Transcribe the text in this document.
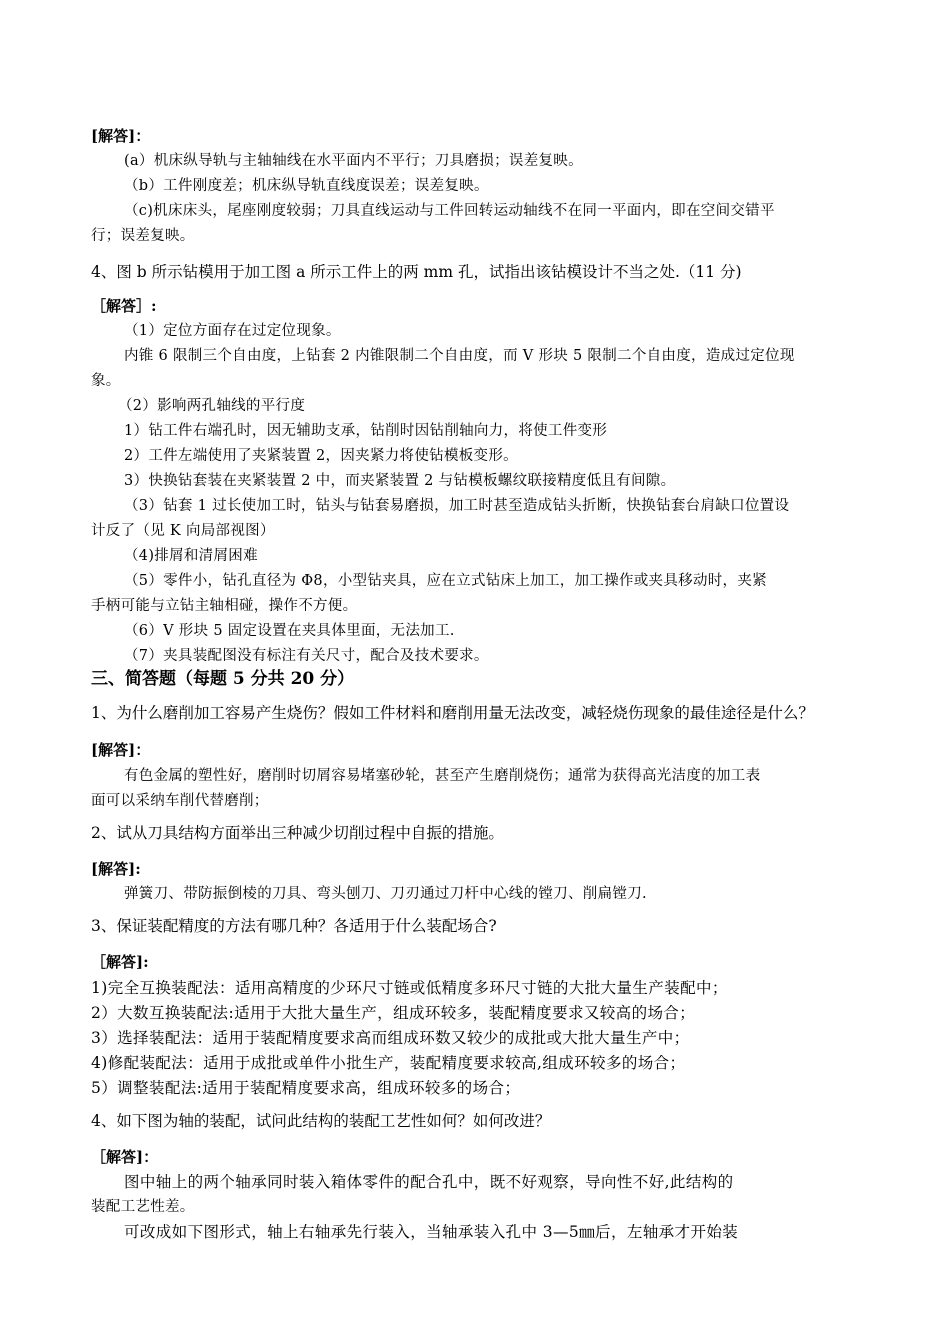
[解答]：
(a）机床纵导轨与主轴轴线在水平面内不平行；刀具磨损；误差复映。
（b）工件刚度差；机床纵导轨直线度误差；误差复映。
（c)机床床头，尾座刚度较弱；刀具直线运动与工件回转运动轴线不在同一平面内，即在空间交错平
行；误差复映。
4、图 b 所示钻模用于加工图 a 所示工件上的两 mm 孔，试指出该钻模设计不当之处.（11 分)
［解答］:
（1）定位方面存在过定位现象。
内锥 6 限制三个自由度，上钻套 2 内锥限制二个自由度，而 V 形块 5 限制二个自由度，造成过定位现
象。
（2）影响两孔轴线的平行度
1）钻工件右端孔时，因无辅助支承，钻削时因钻削轴向力，将使工件变形
2）工件左端使用了夹紧装置 2，因夹紧力将使钻模板变形。
3）快换钻套装在夹紧装置 2 中，而夹紧装置 2 与钻模板螺纹联接精度低且有间隙。
（3）钻套 1 过长使加工时，钻头与钻套易磨损，加工时甚至造成钻头折断，快换钻套台肩缺口位置设
计反了（见 K 向局部视图）
（4)排屑和清屑困难
（5）零件小，钻孔直径为 Φ8，小型钻夹具，应在立式钻床上加工，加工操作或夹具移动时，夹紧
手柄可能与立钻主轴相碰，操作不方便。
（6）V 形块 5 固定设置在夹具体里面，无法加工.
（7）夹具装配图没有标注有关尺寸，配合及技术要求。
三、简答题（每题 5 分共 20 分）
1、为什么磨削加工容易产生烧伤？假如工件材料和磨削用量无法改变，减轻烧伤现象的最佳途径是什么？
[解答]：
有色金属的塑性好，磨削时切屑容易堵塞砂轮，甚至产生磨削烧伤；通常为获得高光洁度的加工表
面可以采纳车削代替磨削；
2、试从刀具结构方面举出三种减少切削过程中自振的措施。
[解答]:
弹簧刀、带防振倒棱的刀具、弯头刨刀、刀刃通过刀杆中心线的镗刀、削扁镗刀.
3、保证装配精度的方法有哪几种？各适用于什么装配场合?
［解答]:
1)完全互换装配法：适用高精度的少环尺寸链或低精度多环尺寸链的大批大量生产装配中；
2）大数互换装配法:适用于大批大量生产，组成环较多，装配精度要求又较高的场合；
3）选择装配法：适用于装配精度要求高而组成环数又较少的成批或大批大量生产中；
4)修配装配法：适用于成批或单件小批生产，装配精度要求较高,组成环较多的场合；
5）调整装配法:适用于装配精度要求高，组成环较多的场合；
4、如下图为轴的装配，试问此结构的装配工艺性如何？如何改进？
［解答]：
图中轴上的两个轴承同时装入箱体零件的配合孔中，既不好观察，导向性不好,此结构的
装配工艺性差。
可改成如下图形式，轴上右轴承先行装入，当轴承装入孔中 3—5㎜后，左轴承才开始装
